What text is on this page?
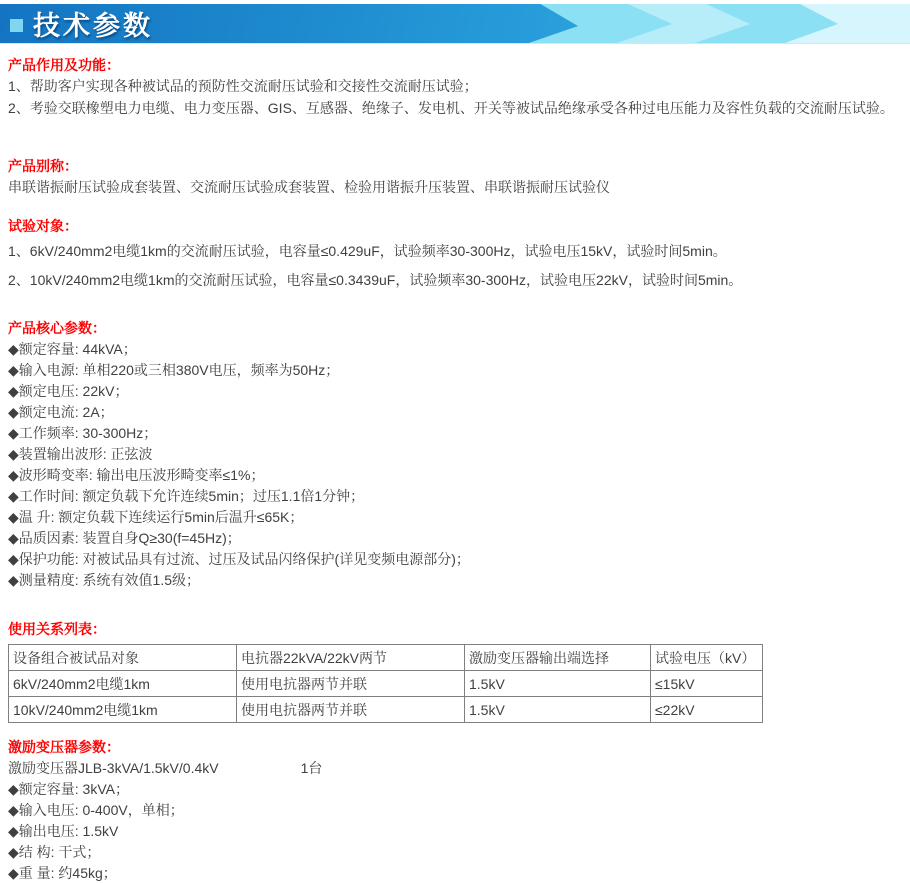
技术参数
产品作用及功能：
1、帮助客户实现各种被试品的预防性交流耐压试验和交接性交流耐压试验；
2、考验交联橡塑电力电缆、电力变压器、GIS、互感器、绝缘子、发电机、开关等被试品绝缘承受各种过电压能力及容性负载的交流耐压试验。
产品别称：
串联谐振耐压试验成套装置、交流耐压试验成套装置、检验用谐振升压装置、串联谐振耐压试验仪
试验对象：
1、6kV/240mm2电缆1km的交流耐压试验，电容量≤0.429uF，试验频率30-300Hz，试验电压15kV，试验时间5min。
2、10kV/240mm2电缆1km的交流耐压试验，电容量≤0.3439uF，试验频率30-300Hz，试验电压22kV，试验时间5min。
产品核心参数：
◆额定容量: 44kVA；
◆输入电源: 单相220或三相380V电压，频率为50Hz；
◆额定电压: 22kV；
◆额定电流: 2A；
◆工作频率: 30-300Hz；
◆装置输出波形: 正弦波
◆波形畸变率: 输出电压波形畸变率≤1%；
◆工作时间: 额定负载下允许连续5min；过压1.1倍1分钟；
◆温 升: 额定负载下连续运行5min后温升≤65K；
◆品质因素: 装置自身Q≥30(f=45Hz)；
◆保护功能: 对被试品具有过流、过压及试品闪络保护(详见变频电源部分)；
◆测量精度: 系统有效值1.5级；
使用关系列表：
设备组合被试品对象	电抗器22kVA/22kV两节	激励变压器输出端选择	试验电压（kV）
6kV/240mm2电缆1km	使用电抗器两节并联	1.5kV	≤15kV
10kV/240mm2电缆1km	使用电抗器两节并联	1.5kV	≤22kV
激励变压器参数：
激励变压器JLB-3kVA/1.5kV/0.4kV	1台
◆额定容量: 3kVA；
◆输入电压: 0-400V，单相；
◆输出电压: 1.5kV
◆结 构: 干式；
◆重 量: 约45kg；
